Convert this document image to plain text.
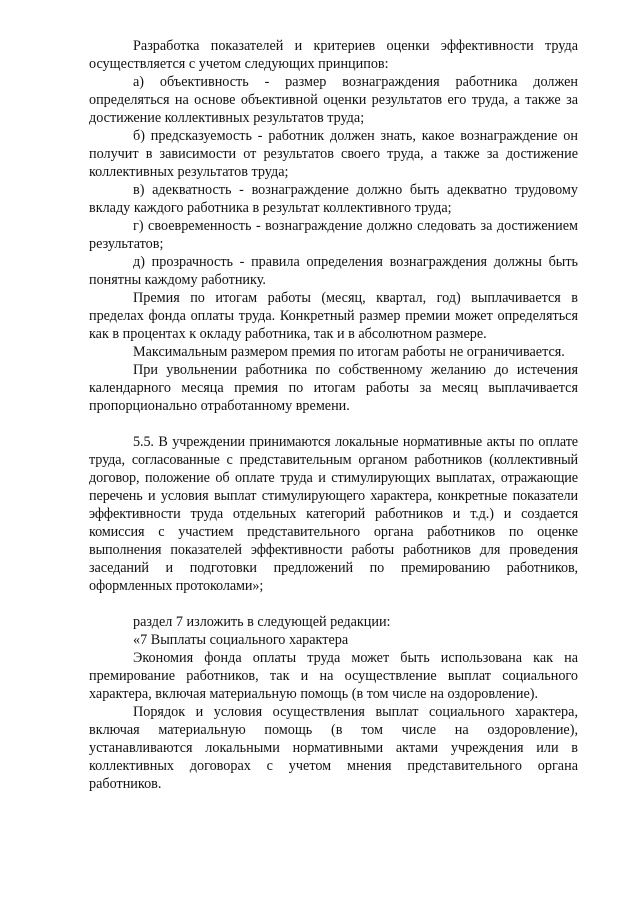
Разработка показателей и критериев оценки эффективности труда осуществляется с учетом следующих принципов:

а) объективность - размер вознаграждения работника должен определяться на основе объективной оценки результатов его труда, а также за достижение коллективных результатов труда;

б) предсказуемость - работник должен знать, какое вознаграждение он получит в зависимости от результатов своего труда, а также за достижение коллективных результатов труда;

в) адекватность - вознаграждение должно быть адекватно трудовому вкладу каждого работника в результат коллективного труда;

г) своевременность - вознаграждение должно следовать за достижением результатов;

д) прозрачность - правила определения вознаграждения должны быть понятны каждому работнику.

Премия по итогам работы (месяц, квартал, год) выплачивается в пределах фонда оплаты труда. Конкретный размер премии может определяться как в процентах к окладу работника, так и в абсолютном размере.

Максимальным размером премия по итогам работы не ограничивается.

При увольнении работника по собственному желанию до истечения календарного месяца премия по итогам работы за месяц выплачивается пропорционально отработанному времени.

5.5. В учреждении принимаются локальные нормативные акты по оплате труда, согласованные с представительным органом работников (коллективный договор, положение об оплате труда и стимулирующих выплатах, отражающие перечень и условия выплат стимулирующего характера, конкретные показатели эффективности труда отдельных категорий работников и т.д.) и создается комиссия с участием представительного органа работников по оценке выполнения показателей эффективности работы работников для проведения заседаний и подготовки предложений по премированию работников, оформленных протоколами»;

раздел 7 изложить в следующей редакции:

«7 Выплаты социального характера

Экономия фонда оплаты труда может быть использована как на премирование работников, так и на осуществление выплат социального характера, включая материальную помощь (в том числе на оздоровление).

Порядок и условия осуществления выплат социального характера, включая материальную помощь (в том числе на оздоровление), устанавливаются локальными нормативными актами учреждения или в коллективных договорах с учетом мнения представительного органа работников.
